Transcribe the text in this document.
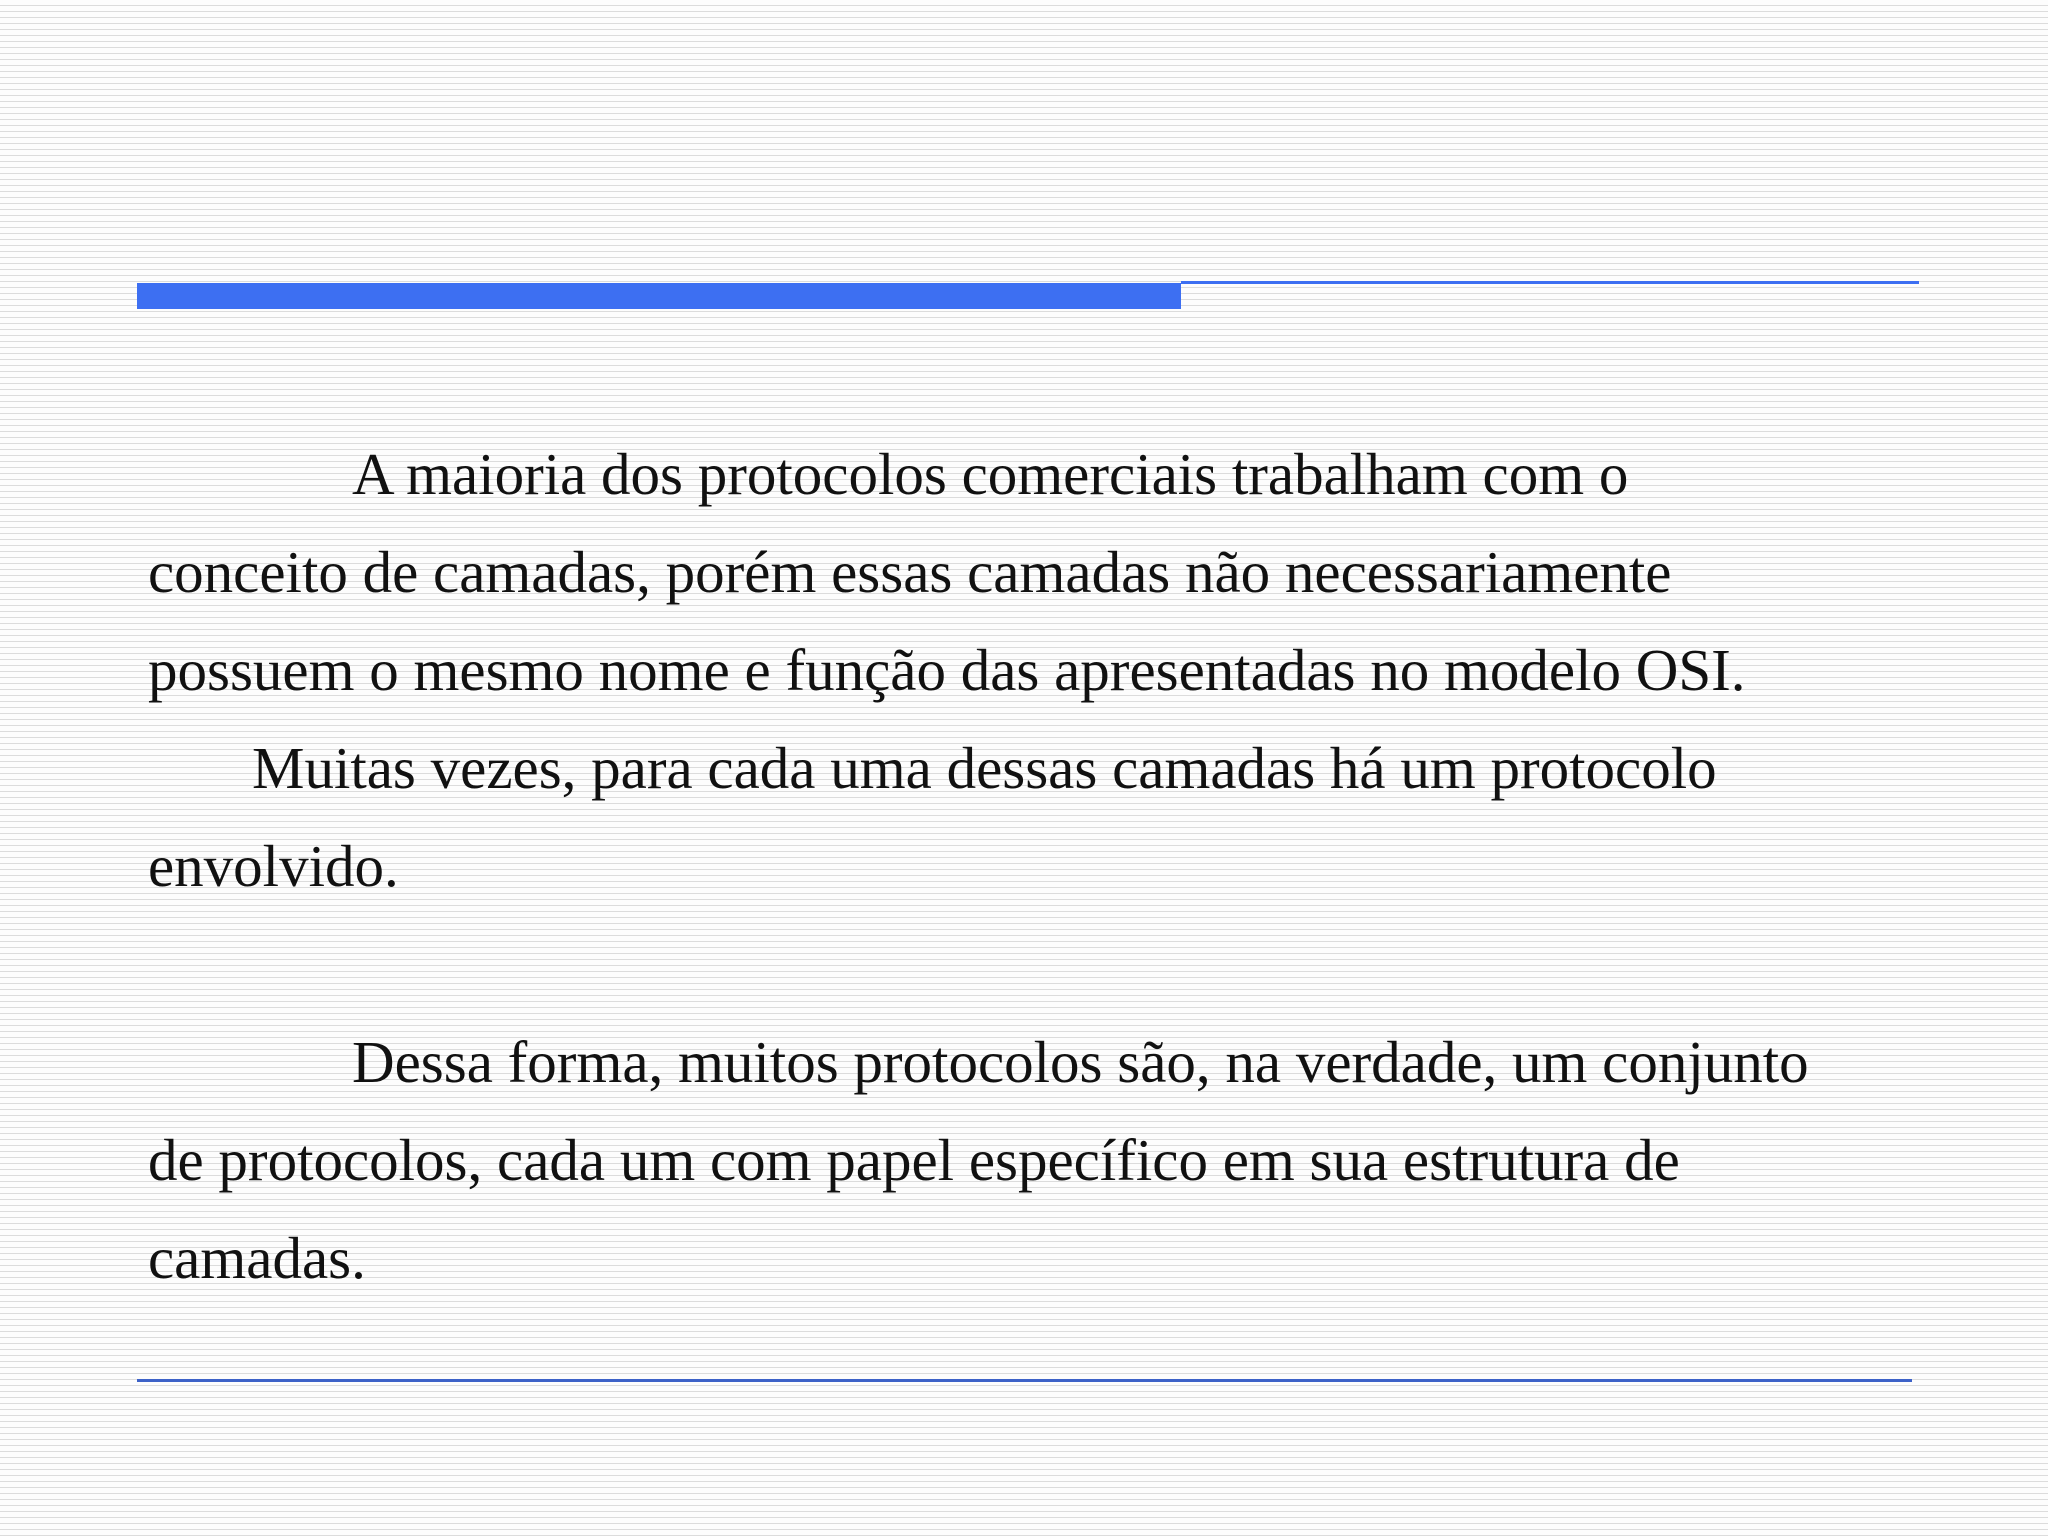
A maioria dos protocolos comerciais trabalham com o
conceito de camadas, porém essas camadas não necessariamente
possuem o mesmo nome e função das apresentadas no modelo OSI.
Muitas vezes, para cada uma dessas camadas há um protocolo
envolvido.
Dessa forma, muitos protocolos são, na verdade, um conjunto
de protocolos, cada um com papel específico em sua estrutura de
camadas.
